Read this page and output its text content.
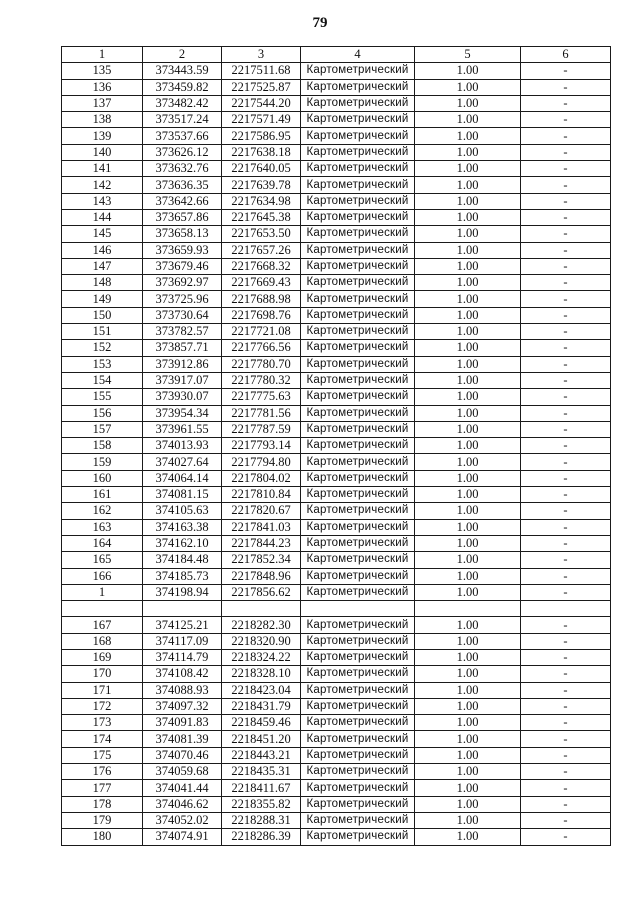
79
1	2	3	4	5	6
135	373443.59	2217511.68	Картометрический	1.00	-
136	373459.82	2217525.87	Картометрический	1.00	-
137	373482.42	2217544.20	Картометрический	1.00	-
138	373517.24	2217571.49	Картометрический	1.00	-
139	373537.66	2217586.95	Картометрический	1.00	-
140	373626.12	2217638.18	Картометрический	1.00	-
141	373632.76	2217640.05	Картометрический	1.00	-
142	373636.35	2217639.78	Картометрический	1.00	-
143	373642.66	2217634.98	Картометрический	1.00	-
144	373657.86	2217645.38	Картометрический	1.00	-
145	373658.13	2217653.50	Картометрический	1.00	-
146	373659.93	2217657.26	Картометрический	1.00	-
147	373679.46	2217668.32	Картометрический	1.00	-
148	373692.97	2217669.43	Картометрический	1.00	-
149	373725.96	2217688.98	Картометрический	1.00	-
150	373730.64	2217698.76	Картометрический	1.00	-
151	373782.57	2217721.08	Картометрический	1.00	-
152	373857.71	2217766.56	Картометрический	1.00	-
153	373912.86	2217780.70	Картометрический	1.00	-
154	373917.07	2217780.32	Картометрический	1.00	-
155	373930.07	2217775.63	Картометрический	1.00	-
156	373954.34	2217781.56	Картометрический	1.00	-
157	373961.55	2217787.59	Картометрический	1.00	-
158	374013.93	2217793.14	Картометрический	1.00	-
159	374027.64	2217794.80	Картометрический	1.00	-
160	374064.14	2217804.02	Картометрический	1.00	-
161	374081.15	2217810.84	Картометрический	1.00	-
162	374105.63	2217820.67	Картометрический	1.00	-
163	374163.38	2217841.03	Картометрический	1.00	-
164	374162.10	2217844.23	Картометрический	1.00	-
165	374184.48	2217852.34	Картометрический	1.00	-
166	374185.73	2217848.96	Картометрический	1.00	-
1	374198.94	2217856.62	Картометрический	1.00	-

167	374125.21	2218282.30	Картометрический	1.00	-
168	374117.09	2218320.90	Картометрический	1.00	-
169	374114.79	2218324.22	Картометрический	1.00	-
170	374108.42	2218328.10	Картометрический	1.00	-
171	374088.93	2218423.04	Картометрический	1.00	-
172	374097.32	2218431.79	Картометрический	1.00	-
173	374091.83	2218459.46	Картометрический	1.00	-
174	374081.39	2218451.20	Картометрический	1.00	-
175	374070.46	2218443.21	Картометрический	1.00	-
176	374059.68	2218435.31	Картометрический	1.00	-
177	374041.44	2218411.67	Картометрический	1.00	-
178	374046.62	2218355.82	Картометрический	1.00	-
179	374052.02	2218288.31	Картометрический	1.00	-
180	374074.91	2218286.39	Картометрический	1.00	-
